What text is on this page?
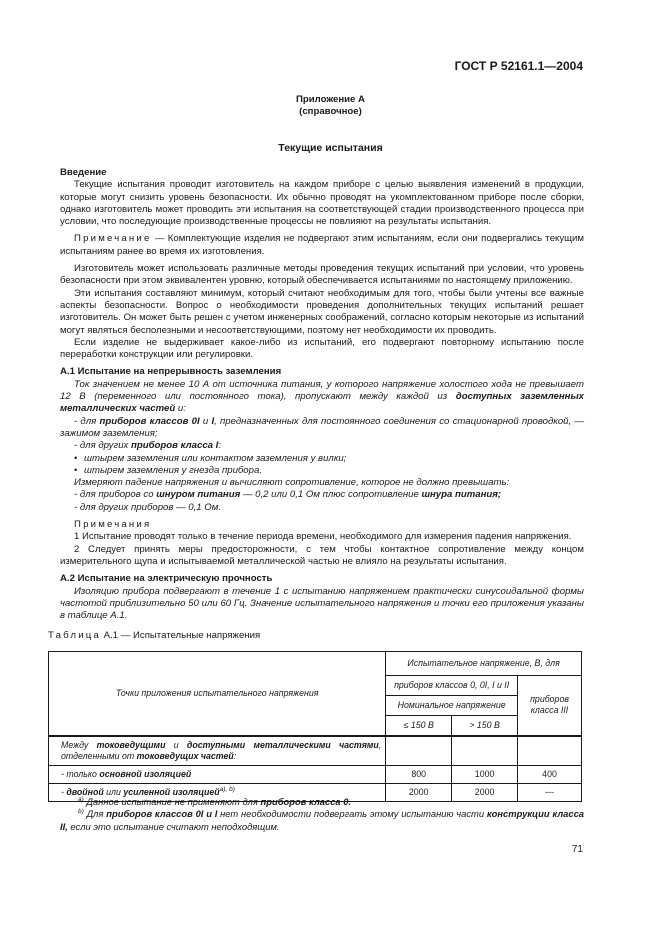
ГОСТ Р 52161.1—2004
Приложение А
(справочное)
Текущие испытания

Введение

Текущие испытания проводит изготовитель на каждом приборе с целью выявления изменений в продукции, которые могут снизить уровень безопасности. Их обычно проводят на укомплектованном приборе после сборки, однако изготовитель может проводить эти испытания на соответствующей стадии производственного процесса при условии, что последующие производственные процессы не повлияют на результаты испытания.

Примечание — Комплектующие изделия не подвергают этим испытаниям, если они подвергались текущим испытаниям ранее во время их изготовления.

Изготовитель может использовать различные методы проведения текущих испытаний при условии, что уровень безопасности при этом эквивалентен уровню, который обеспечивается испытаниями по настоящему приложению.

Эти испытания составляют минимум, который считают необходимым для того, чтобы были учтены все важные аспекты безопасности. Вопрос о необходимости проведения дополнительных текущих испытаний решает изготовитель. Он может быть решен с учетом инженерных соображений, согласно которым некоторые из испытаний могут являться бесполезными и несоответствующими, поэтому нет необходимости их проводить.

Если изделие не выдерживает какое-либо из испытаний, его подвергают повторному испытанию после переработки конструкции или регулировки.

А.1 Испытание на непрерывность заземления

Ток значением не менее 10 А от источника питания, у которого напряжение холостого хода не превышает 12 В (переменного или постоянного тока), пропускают между каждой из доступных заземленных металлических частей и:

- для приборов классов 0I и I, предназначенных для постоянного соединения со стационарной проводкой, — зажимом заземления;

- для других приборов класса I:

• штырем заземления или контактом заземления у вилки;

• штырем заземления у гнезда прибора.

Измеряют падение напряжения и вычисляют сопротивление, которое не должно превышать:

- для приборов со шнуром питания — 0,2 или 0,1 Ом плюс сопротивление шнура питания;

- для других приборов — 0,1 Ом.

Примечания

1 Испытание проводят только в течение периода времени, необходимого для измерения падения напряжения.

2 Следует принять меры предосторожности, с тем чтобы контактное сопротивление между концом измерительного щупа и испытываемой металлической частью не влияло на результаты испытания.

А.2 Испытание на электрическую прочность

Изоляцию прибора подвергают в течение 1 с испытанию напряжением практически синусоидальной формы частотой приблизительно 50 или 60 Гц. Значение испытательного напряжения и точки его приложения указаны в таблице А.1.

Таблица А.1 — Испытательные напряжения

Точки приложения испытательного напряжения	Испытательное напряжение, В, для		
	приборов классов 0, 0I, I и II		приборов класса III
	Номинальное напряжение		
	≤ 150 В	> 150 В	
Между токоведущими и доступными металлическими частями, отделенными от токоведущих частей:			
- только основной изоляцией	800	1000	400
- двойной или усиленной изоляцией$^{a), b)}$	2000	2000	---

$^{a)}$ Данное испытание не применяют для приборов класса 0.

$^{b)}$ Для приборов классов 0I и I нет необходимости подвергать этому испытанию части конструкции класса II, если это испытание считают неподходящим.

71
